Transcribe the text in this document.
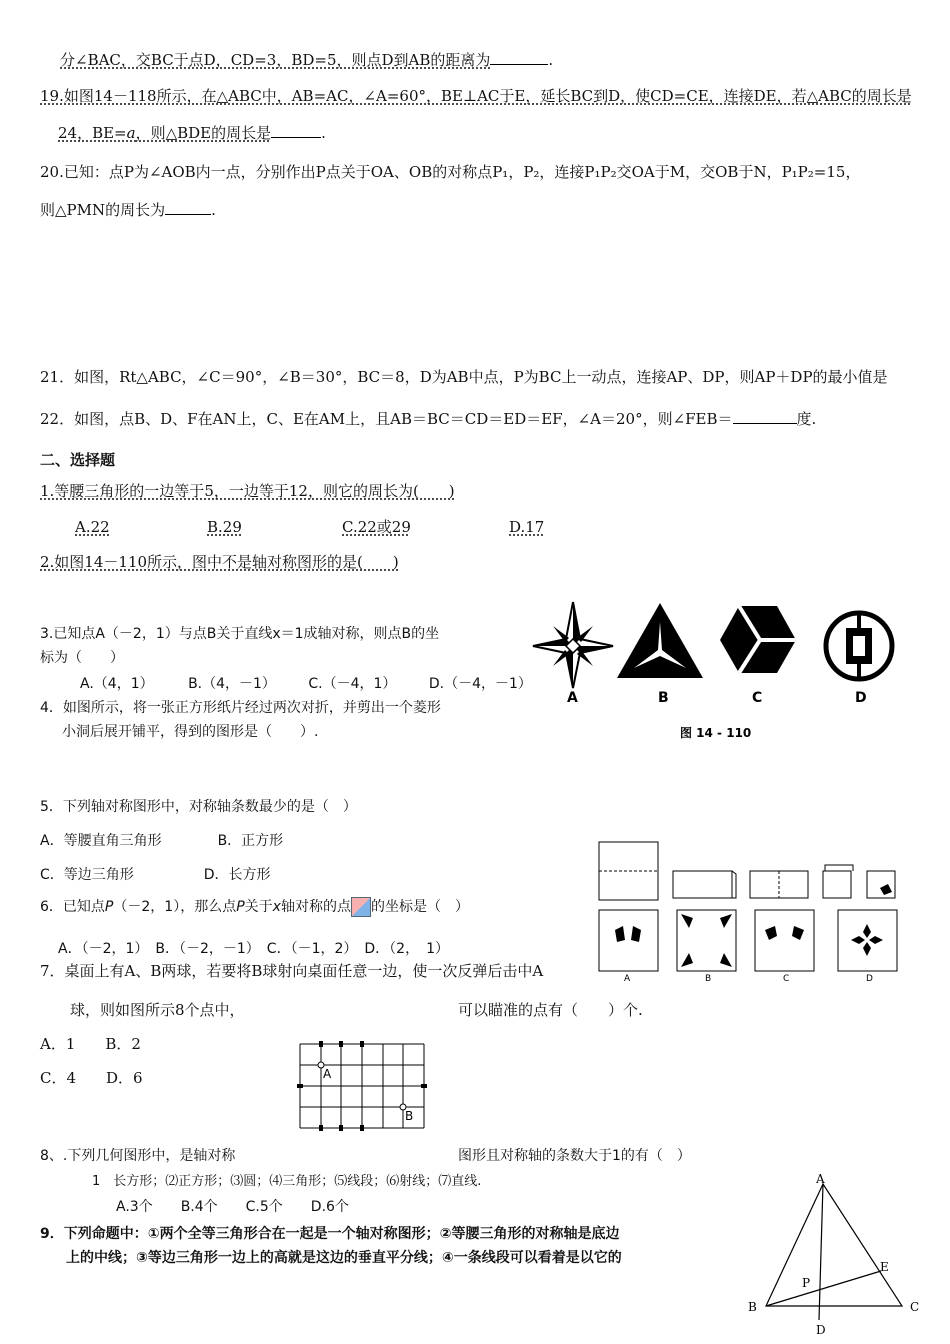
分∠BAC，交BC于点D，CD=3，BD=5，则点D到AB的距离为	.
19.如图14－118所示，在△ABC中，AB=AC，∠A=60°，BE⊥AC于E，延长BC到D，使CD=CE，连接DE，若△ABC的周长是
24，BE=a，则△BDE的周长是	.
20.已知：点P为∠AOB内一点，分别作出P点关于OA、OB的对称点P₁，P₂，连接P₁P₂交OA于M，交OB于N，P₁P₂=15，
则△PMN的周长为	.
21．如图，Rt△ABC，∠C＝90°，∠B＝30°，BC＝8，D为AB中点，P为BC上一动点，连接AP、DP，则AP＋DP的最小值是
22．如图，点B、D、F在AN上，C、E在AM上，且AB＝BC＝CD＝ED＝EF，∠A＝20°，则∠FEB＝	度.
二、选择题
1.等腰三角形的一边等于5，一边等于12，则它的周长为(　　)
A.22	B.29	C.22或29	D.17
2.如图14－110所示，图中不是轴对称图形的是(　　)
3.已知点A（－2，1）与点B关于直线x＝1成轴对称，则点B的坐
标为（　　）
A.（4，1） B.（4，－1） C.（－4，1） D.（－4，－1）
4．如图所示，将一张正方形纸片经过两次对折，并剪出一个菱形
小洞后展开铺平，得到的图形是（　　）.
A	B	C	D
图 14 - 110
5．下列轴对称图形中，对称轴条数最少的是（　）
A．等腰直角三角形	B．正方形
C．等边三角形	D．长方形
6．已知点P（－2，1），那么点P关于x轴对称的点 的坐标是（　）
A．（－2，1）　B．（－2，－1）　C．（－1，2）　D．（2，　1）
A	B	C	D
7．桌面上有A、B两球，若要将B球射向桌面任意一边，使一次反弹后击中A
球，则如图所示8个点中，	可以瞄准的点有（　　）个.
A．1　　B．2
C．4　　D．6	A
B
8、.下列几何图形中，是轴对称	图形且对称轴的条数大于1的有（　）
1　长方形；⑵正方形；⑶圆；⑷三角形；⑸线段；⑹射线；⑺直线.
A.3个　　B.4个　　C.5个　　D.6个
9．下列命题中：①两个全等三角形合在一起是一个轴对称图形；②等腰三角形的对称轴是底边
上的中线；③等边三角形一边上的高就是这边的垂直平分线；④一条线段可以看着是以它的
A
B	C
D
E
P
